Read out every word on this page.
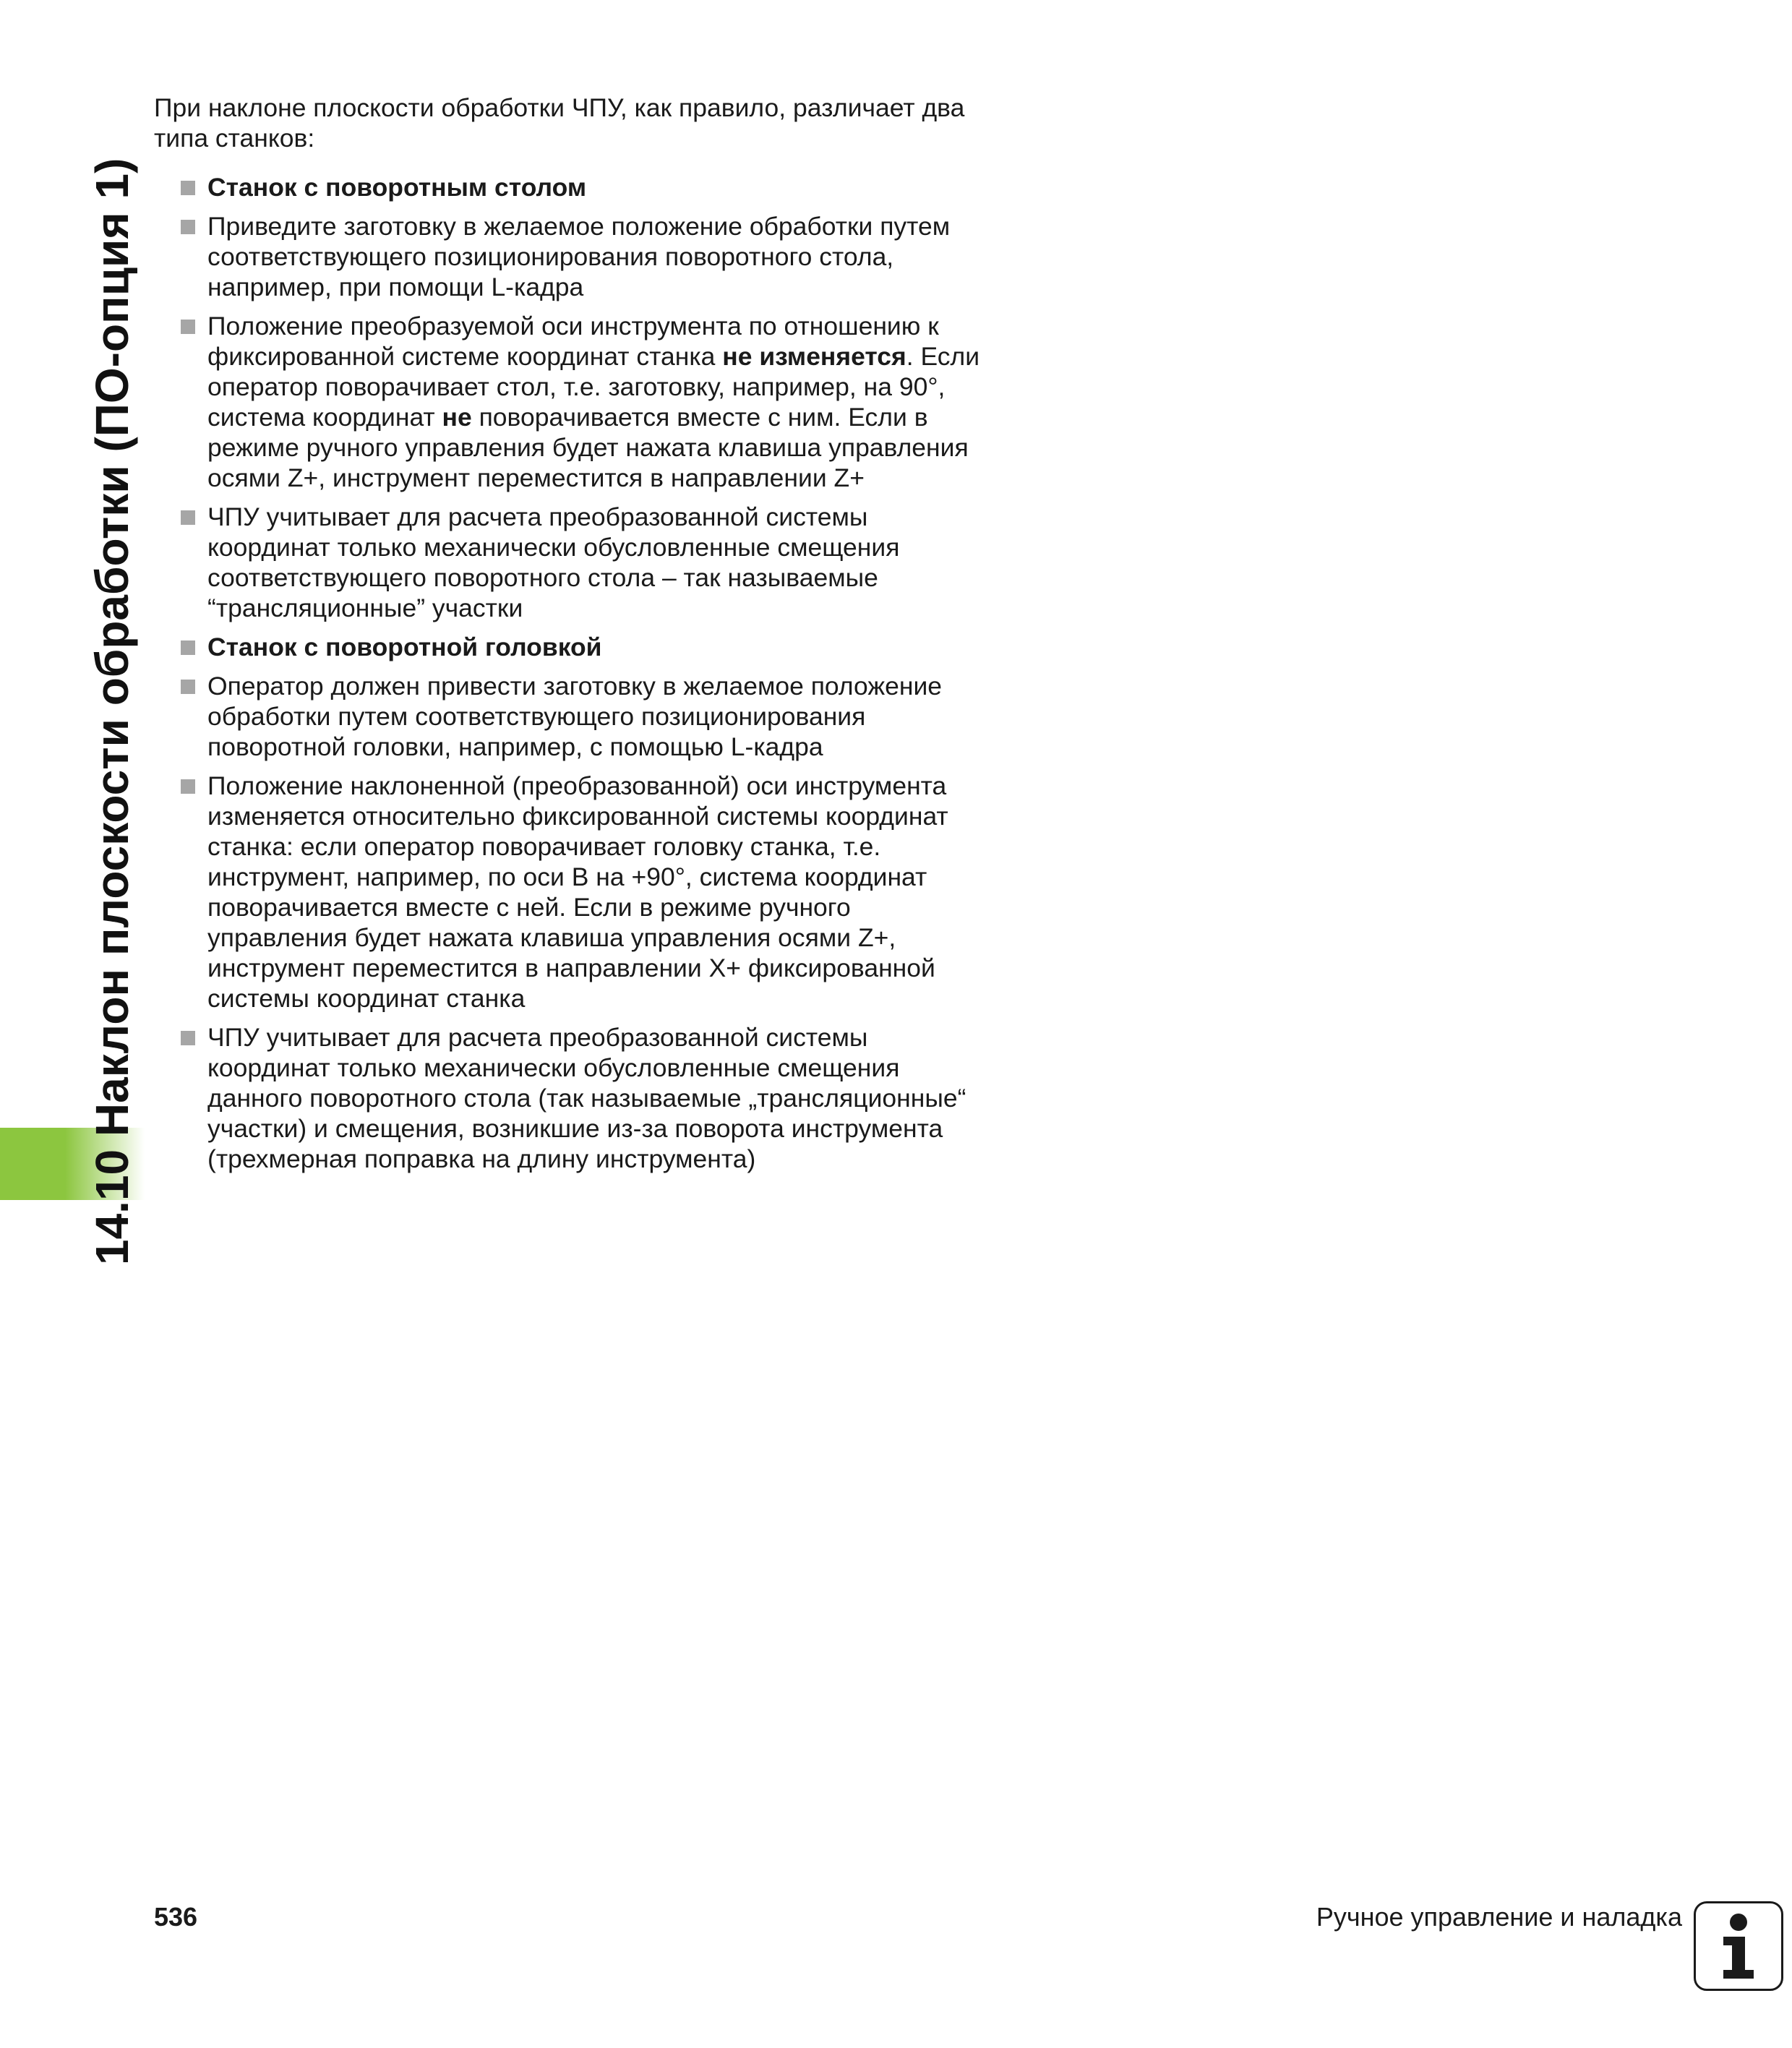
14.10 Наклон плоскости обработки (ПО-опция 1)

При наклоне плоскости обработки ЧПУ, как правило, различает два типа станков:

Станок с поворотным столом

Приведите заготовку в желаемое положение обработки путем соответствующего позиционирования поворотного стола, например, при помощи L-кадра
Положение преобразуемой оси инструмента по отношению к фиксированной системе координат станка не изменяется. Если оператор поворачивает стол, т.е. заготовку, например, на 90°, система координат не поворачивается вместе с ним. Если в режиме ручного управления будет нажата клавиша управления осями Z+, инструмент переместится в направлении Z+
ЧПУ учитывает для расчета преобразованной системы координат только механически обусловленные смещения соответствующего поворотного стола – так называемые “трансляционные” участки

Станок с поворотной головкой

Оператор должен привести заготовку в желаемое положение обработки путем соответствующего позиционирования поворотной головки, например, с помощью L-кадра
Положение наклоненной (преобразованной) оси инструмента изменяется относительно фиксированной системы координат станка: если оператор поворачивает головку станка, т.е. инструмент, например, по оси B на +90°, система координат поворачивается вместе с ней. Если в режиме ручного управления будет нажата клавиша управления осями Z+, инструмент переместится в направлении X+ фиксированной системы координат станка
ЧПУ учитывает для расчета преобразованной системы координат только механически обусловленные смещения данного поворотного стола (так называемые „трансляционные“ участки) и смещения, возникшие из-за поворота инструмента (трехмерная поправка на длину инструмента)
536	Ручное управление и наладка
